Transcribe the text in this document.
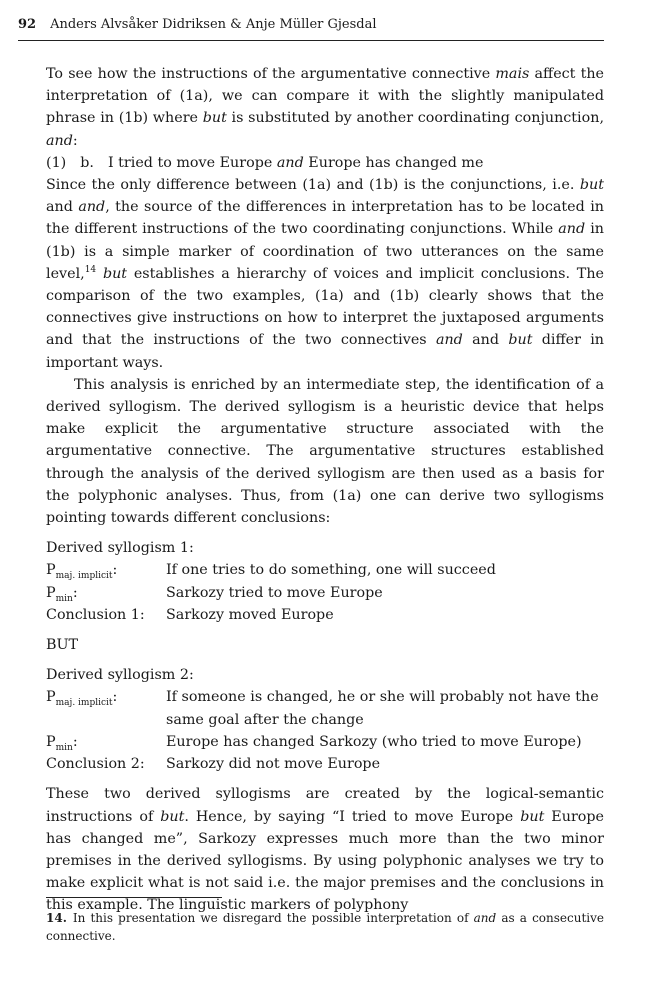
92 Anders Alvsåker Didriksen & Anje Müller Gjesdal

To see how the instructions of the argumentative connective mais affect the interpretation of (1a), we can compare it with the slightly manipulated phrase in (1b) where but is substituted by another coordinating conjunction, and:

(1) b. I tried to move Europe and Europe has changed me

Since the only difference between (1a) and (1b) is the conjunctions, i.e. but and and, the source of the differences in interpretation has to be located in the different instructions of the two coordinating conjunctions. While and in (1b) is a simple marker of coordination of two utterances on the same level,$^{14}$ but establishes a hierarchy of voices and implicit conclusions. The comparison of the two examples, (1a) and (1b) clearly shows that the connectives give instructions on how to interpret the juxtaposed arguments and that the instructions of the two connectives and and but differ in important ways.

This analysis is enriched by an intermediate step, the identification of a derived syllogism. The derived syllogism is a heuristic device that helps make explicit the argumentative structure associated with the argumentative connective. The argumentative structures established through the analysis of the derived syllogism are then used as a basis for the polyphonic analyses. Thus, from (1a) one can derive two syllogisms pointing towards different conclusions:

Derived syllogism 1:
$P_{maj. implicit}$:	If one tries to do something, one will succeed
$P_{min}$:	Sarkozy tried to move Europe
Conclusion 1:	Sarkozy moved Europe
BUT
Derived syllogism 2:
$P_{maj. implicit}$:	If someone is changed, he or she will probably not have the same goal after the change
$P_{min}$:	Europe has changed Sarkozy (who tried to move Europe)
Conclusion 2:	Sarkozy did not move Europe

These two derived syllogisms are created by the logical-semantic instructions of but. Hence, by saying “I tried to move Europe but Europe has changed me”, Sarkozy expresses much more than the two minor premises in the derived syllogisms. By using polyphonic analyses we try to make explicit what is not said i.e. the major premises and the conclusions in this example. The linguistic markers of polyphony

14. In this presentation we disregard the possible interpretation of and as a consecutive connective.
